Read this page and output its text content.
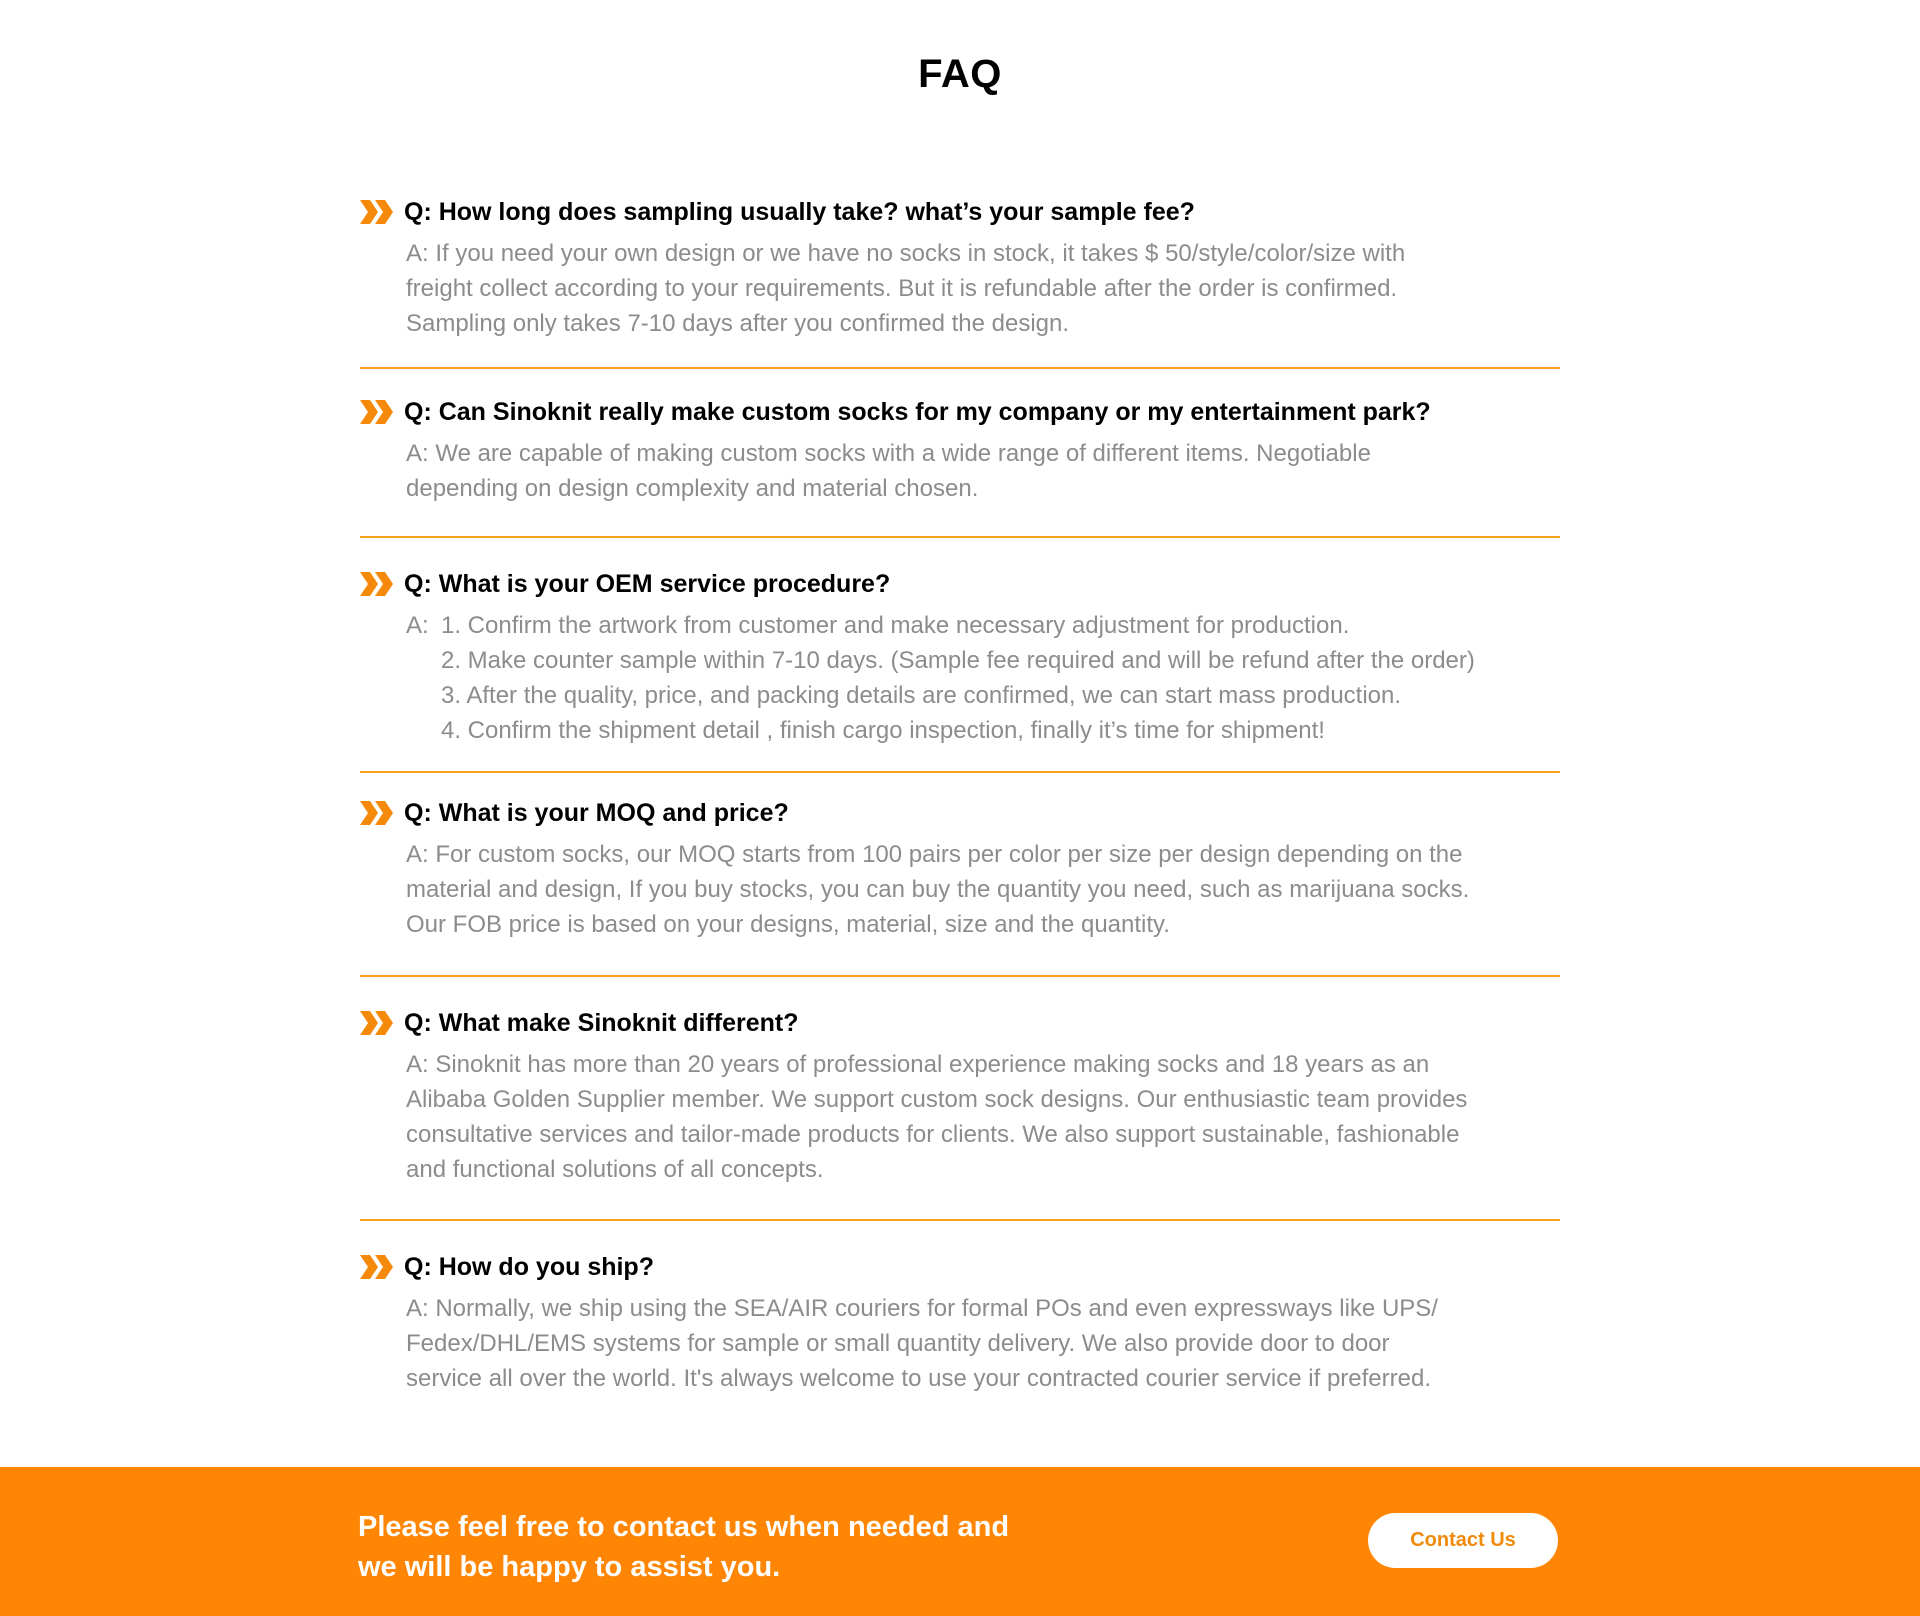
FAQ
Q: How long does sampling usually take? what’s your sample fee?
A: If you need your own design or we have no socks in stock, it takes $ 50/style/color/size with
freight collect according to your requirements. But it is refundable after the order is confirmed.
Sampling only takes 7-10 days after you confirmed the design.
Q: Can Sinoknit really make custom socks for my company or my entertainment park?
A: We are capable of making custom socks with a wide range of different items. Negotiable
depending on design complexity and material chosen.
Q: What is your OEM service procedure?
A: 1. Confirm the artwork from customer and make necessary adjustment for production.
2. Make counter sample within 7-10 days. (Sample fee required and will be refund after the order)
3. After the quality, price, and packing details are confirmed, we can start mass production.
4. Confirm the shipment detail , finish cargo inspection, finally it’s time for shipment!
Q: What is your MOQ and price?
A: For custom socks, our MOQ starts from 100 pairs per color per size per design depending on the
material and design, If you buy stocks, you can buy the quantity you need, such as marijuana socks.
Our FOB price is based on your designs, material, size and the quantity.
Q: What make Sinoknit different?
A: Sinoknit has more than 20 years of professional experience making socks and 18 years as an
Alibaba Golden Supplier member. We support custom sock designs. Our enthusiastic team provides
consultative services and tailor-made products for clients. We also support sustainable, fashionable
and functional solutions of all concepts.
Q: How do you ship?
A: Normally, we ship using the SEA/AIR couriers for formal POs and even expressways like UPS/
Fedex/DHL/EMS systems for sample or small quantity delivery. We also provide door to door
service all over the world. It's always welcome to use your contracted courier service if preferred.
Please feel free to contact us when needed and
we will be happy to assist you.
Contact Us
